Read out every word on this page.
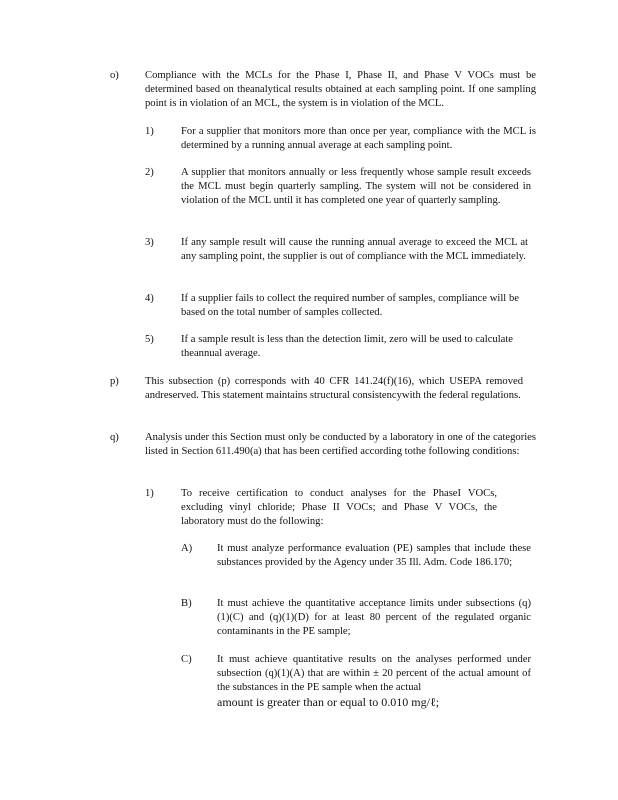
o) Compliance with the MCLs for the Phase I, Phase II, and Phase V VOCs must be determined based on theanalytical results obtained at each sampling point. If one sampling point is in violation of an MCL, the system is in violation of the MCL.
1)	For a supplier that monitors more than once per year, compliance with the MCL is determined by a running annual average at each sampling point.
2)	A supplier that monitors annually or less frequently whose sample result exceeds the MCL must begin quarterly sampling. The system will not be considered in violation of the MCL until it has completed one year of quarterly sampling.
3)	If any sample result will cause the running annual average to exceed the MCL at any sampling point, the supplier is out of compliance with the MCL immediately.
4)	If a supplier fails to collect the required number of samples, compliance will be based on the total number of samples collected.
5)	If a sample result is less than the detection limit, zero will be used to calculate theannual average.
p) This subsection (p) corresponds with 40 CFR 141.24(f)(16), which USEPA removed andreserved. This statement maintains structural consistencywith the federal regulations.
q) Analysis under this Section must only be conducted by a laboratory in one of the categories listed in Section 611.490(a) that has been certified according tothe following conditions:
1)	To receive certification to conduct analyses for the PhaseI VOCs, excluding vinyl chloride; Phase II VOCs; and Phase V VOCs, the laboratory must do the following:
A) It must analyze performance evaluation (PE) samples that include these substances provided by the Agency under 35 Ill. Adm. Code 186.170;
B) It must achieve the quantitative acceptance limits under subsections (q)(1)(C) and (q)(1)(D) for at least 80 percent of the regulated organic contaminants in the PE sample;
C) It must achieve quantitative results on the analyses performed under subsection (q)(1)(A) that are within ± 20 percent of the actual amount of the substances in the PE sample when the actual
amount is greater than or equal to 0.010 mg/ℓ;
